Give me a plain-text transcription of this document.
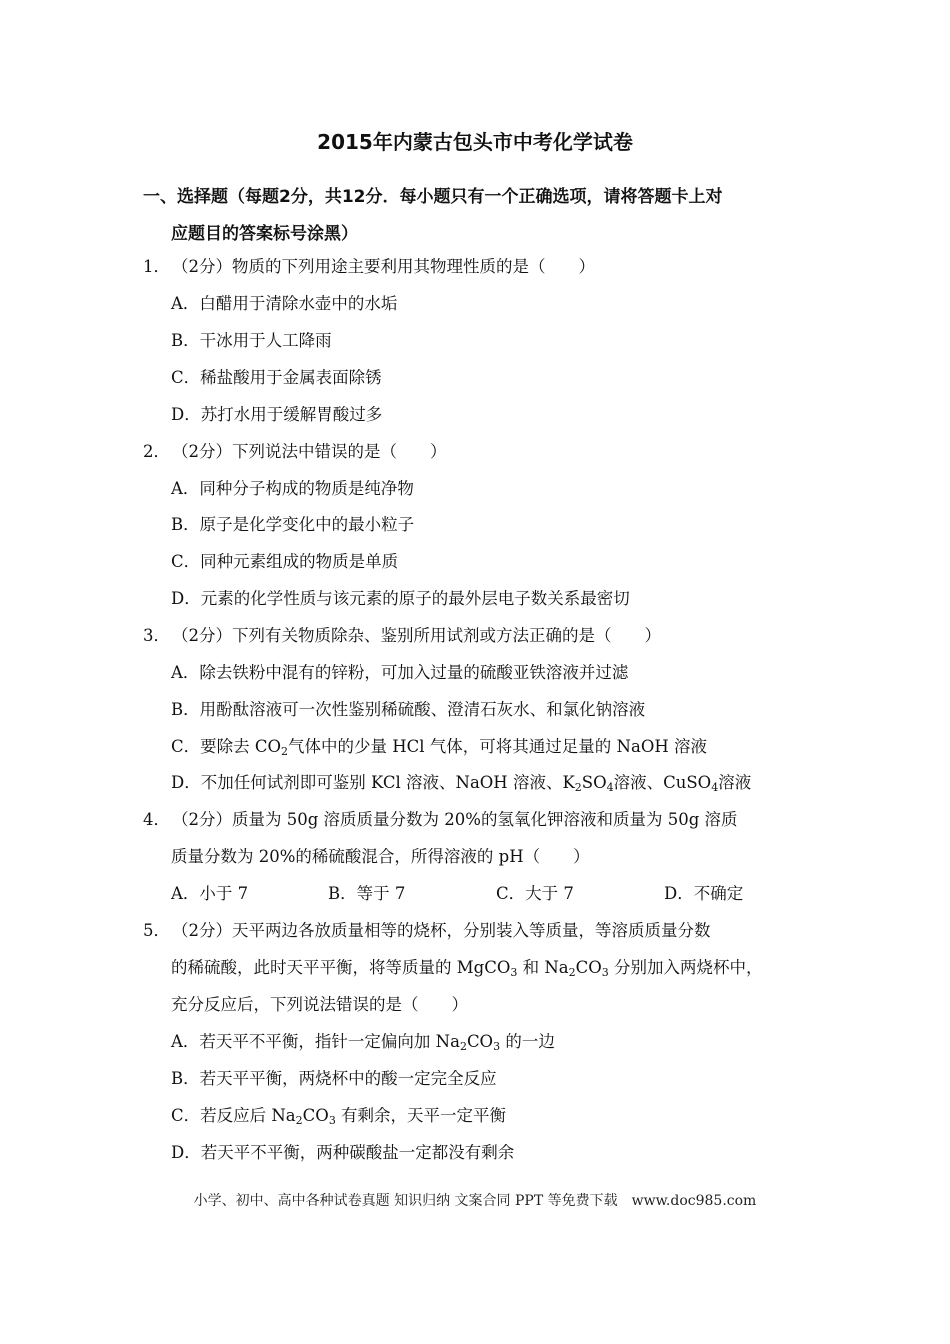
2015年内蒙古包头市中考化学试卷
一、选择题（每题2分，共12分．每小题只有一个正确选项，请将答题卡上对
应题目的答案标号涂黑）
1． （2分）物质的下列用途主要利用其物理性质的是（　　）
A．白醋用于清除水壶中的水垢
B．干冰用于人工降雨
C．稀盐酸用于金属表面除锈
D．苏打水用于缓解胃酸过多
2． （2分）下列说法中错误的是（　　）
A．同种分子构成的物质是纯净物
B．原子是化学变化中的最小粒子
C．同种元素组成的物质是单质
D．元素的化学性质与该元素的原子的最外层电子数关系最密切
3． （2分）下列有关物质除杂、鉴别所用试剂或方法正确的是（　　）
A．除去铁粉中混有的锌粉，可加入过量的硫酸亚铁溶液并过滤
B．用酚酞溶液可一次性鉴别稀硫酸、澄清石灰水、和氯化钠溶液
C．要除去 $CO_2$气体中的少量 HCl 气体，可将其通过足量的 NaOH 溶液
D．不加任何试剂即可鉴别 KCl 溶液、NaOH 溶液、$K_2SO_4$溶液、CuSO$_4$溶液
4． （2分）质量为 50g 溶质质量分数为 20%的氢氧化钾溶液和质量为 50g 溶质
质量分数为 20%的稀硫酸混合，所得溶液的 pH（　　）
A．小于 7	B．等于 7	C．大于 7	D．不确定
5． （2分）天平两边各放质量相等的烧杯，分别装入等质量，等溶质质量分数
的稀硫酸，此时天平平衡，将等质量的 MgCO$_3$ 和 $Na_2CO_3$ 分别加入两烧杯中，
充分反应后，下列说法错误的是（　　）
A．若天平不平衡，指针一定偏向加 $Na_2CO_3$ 的一边
B．若天平平衡，两烧杯中的酸一定完全反应
C．若反应后 $Na_2CO_3$ 有剩余，天平一定平衡
D．若天平不平衡，两种碳酸盐一定都没有剩余
小学、初中、高中各种试卷真题 知识归纳 文案合同 PPT 等免费下载　www.doc985.com
